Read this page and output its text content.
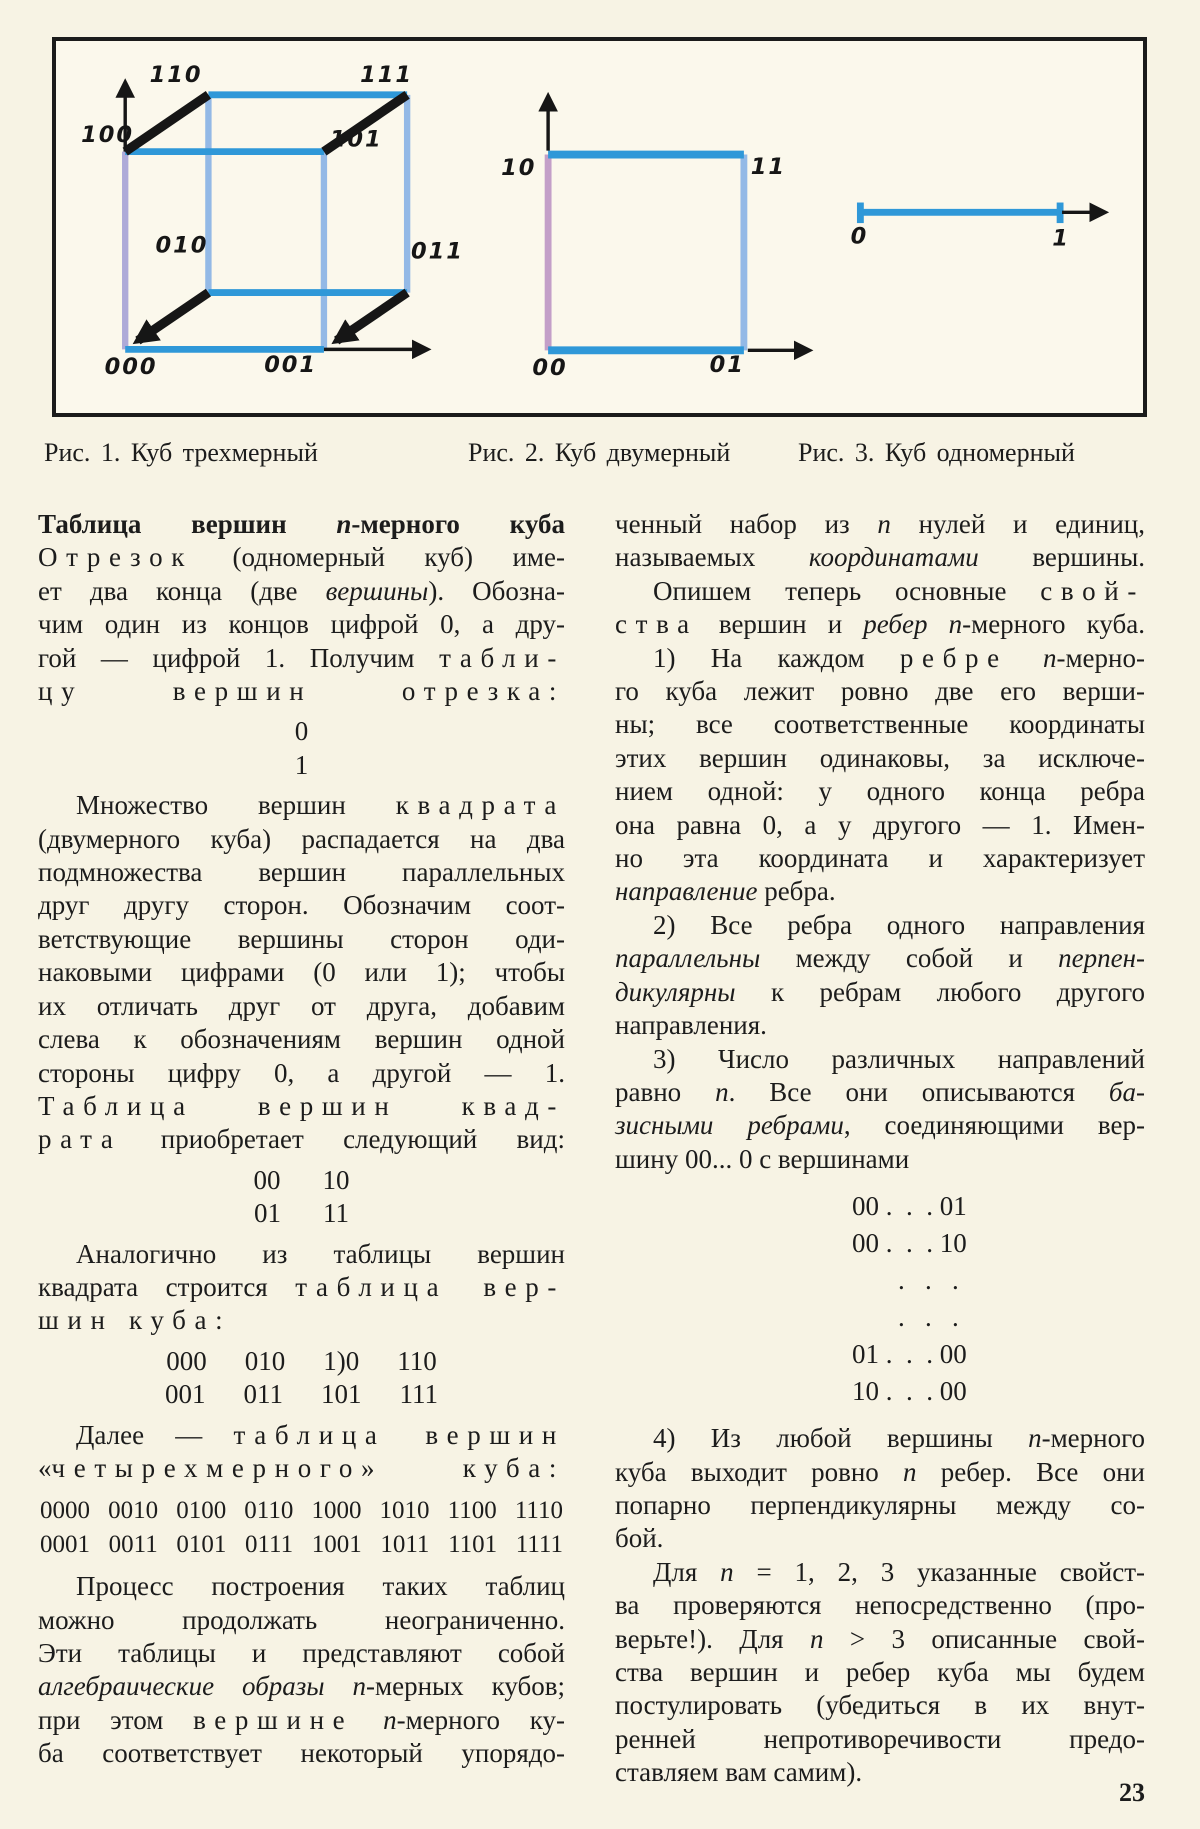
110	111
100	101
010	011
000	001
10	11
00	01
0	1
Рис. 1. Куб трехмерный	Рис. 2. Куб двумерный	Рис. 3. Куб одномерный
Таблица вершин n-мерного куба
Отрезок (одномерный куб) име-
ет два конца (две вершины). Обозна-
чим один из концов цифрой 0, а дру-
гой — цифрой 1. Получим табли-
цу вершин отрезка:
0
1
Множество вершин квадрата
(двумерного куба) распадается на два
подмножества вершин параллельных
друг другу сторон. Обозначим соот-
ветствующие вершины сторон оди-
наковыми цифрами (0 или 1); чтобы
их отличать друг от друга, добавим
слева к обозначениям вершин одной
стороны цифру 0, а другой — 1.
Таблица вершин квад-
рата приобретает следующий вид:
00 10
01 11
Аналогично из таблицы вершин
квадрата строится таблица вер-
шин куба:
000 010 1)0 110
001 011 101 111
Далее — таблица вершин
«четырехмерного» куба:
0000 0010 0100 0110 1000 1010 1100 1110
0001 0011 0101 0111 1001 1011 1101 1111
Процесс построения таких таблиц
можно продолжать неограниченно.
Эти таблицы и представляют собой
алгебраические образы n-мерных кубов;
при этом вершине n-мерного ку-
ба соответствует некоторый упорядо-
ченный набор из n нулей и единиц,
называемых координатами вершины.
Опишем теперь основные свой-
ства вершин и ребер n-мерного куба.
1) На каждом ребре n-мерно-
го куба лежит ровно две его верши-
ны; все соответственные координаты
этих вершин одинаковы, за исключе-
нием одной: у одного конца ребра
она равна 0, а у другого — 1. Имен-
но эта координата и характеризует
направление ребра.
2) Все ребра одного направления
параллельны между собой и перпен-
дикулярны к ребрам любого другого
направления.
3) Число различных направлений
равно n. Все они описываются ба-
зисными ребрами, соединяющими вер-
шину 00... 0 с вершинами
00 .  .  . 01
00 .  .  . 10
.   .   .
.   .   .
01 .  .  . 00
10 .  .  . 00
4) Из любой вершины n-мерного
куба выходит ровно n ребер. Все они
попарно перпендикулярны между со-
бой.
Для n = 1, 2, 3 указанные свойст-
ва проверяются непосредственно (про-
верьте!). Для n > 3 описанные свой-
ства вершин и ребер куба мы будем
постулировать (убедиться в их внут-
ренней непротиворечивости предо-
ставляем вам самим).
23
